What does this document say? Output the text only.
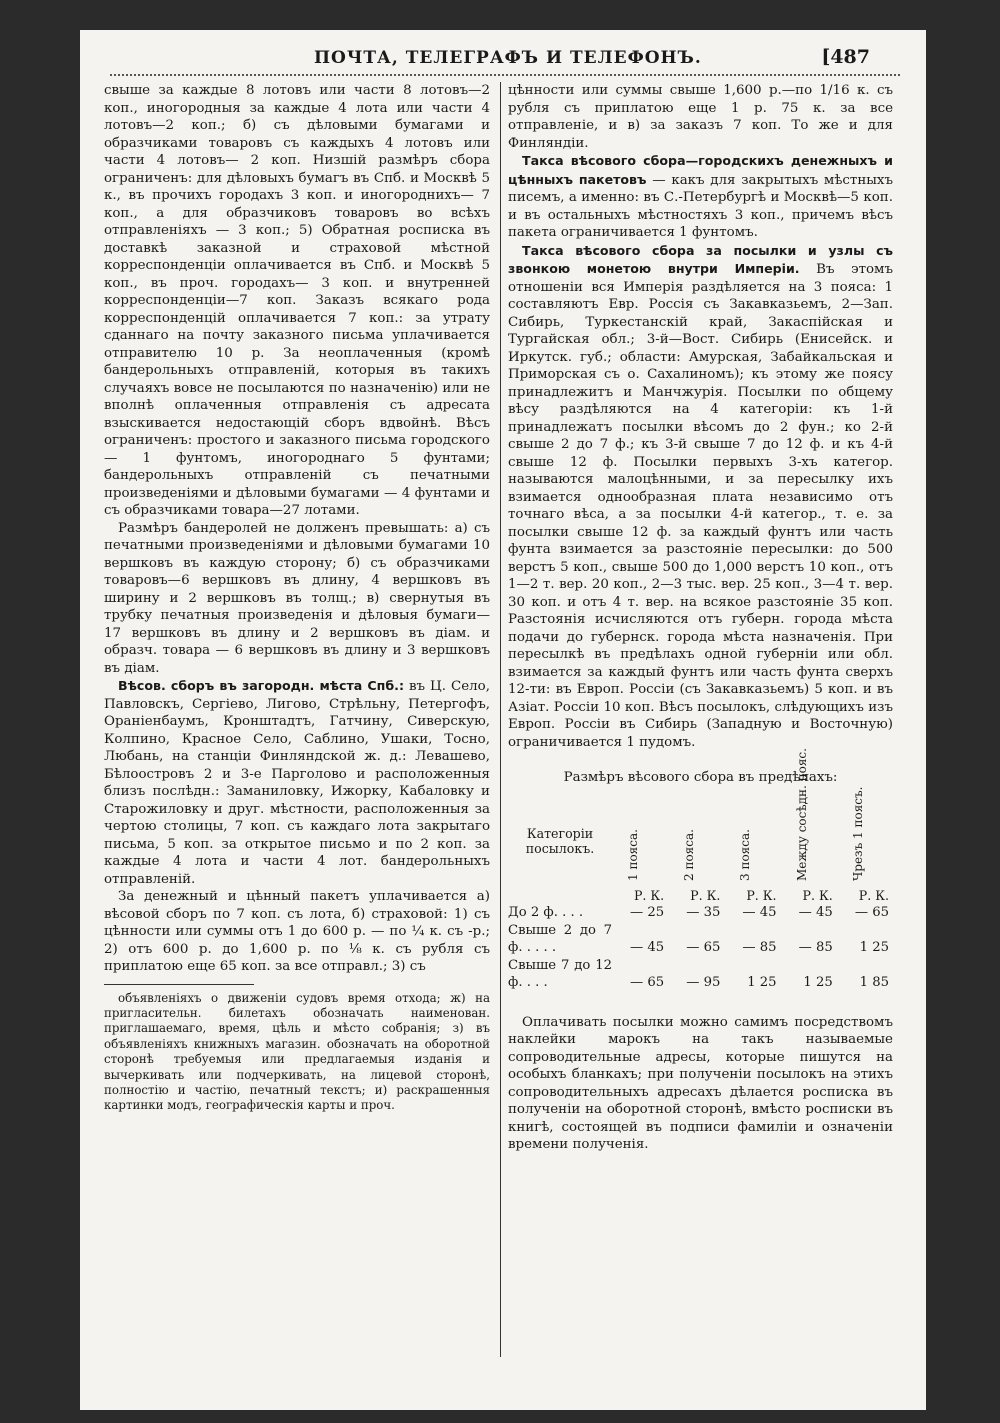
ПОЧТА, ТЕЛЕГРАФЪ И ТЕЛЕФОНЪ.	[487

свыше за каждые 8 лотовъ или части 8 лотовъ—2 коп., иногородныя за каждые 4 лота или части 4 лотовъ—2 коп.; б) съ дѣловыми бумагами и образчиками товаровъ съ каждыхъ 4 лотовъ или части 4 лотовъ— 2 коп. Низшій размѣръ сбора ограниченъ: для дѣловыхъ бумагъ въ Спб. и Москвѣ 5 к., въ прочихъ городахъ 3 коп. и иногороднихъ— 7 коп., а для образчиковъ товаровъ во всѣхъ отправленіяхъ — 3 коп.; 5) Обратная росписка въ доставкѣ заказной и страховой мѣстной корреспонденціи оплачивается въ Спб. и Москвѣ 5 коп., въ проч. городахъ— 3 коп. и внутренней корреспонденціи—7 коп. Заказъ всякаго рода корреспонденцій оплачивается 7 коп.: за утрату сданнаго на почту заказного письма уплачивается отправителю 10 р. За неоплаченныя (кромѣ бандерольныхъ отправленій, которыя въ такихъ случаяхъ вовсе не посылаются по назначенію) или не вполнѣ оплаченныя отправленія съ адресата взыскивается недостающій сборъ вдвойнѣ. Вѣсъ ограниченъ: простого и заказного письма городского — 1 фунтомъ, иногороднаго 5 фунтами; бандерольныхъ отправленій съ печатными произведеніями и дѣловыми бумагами — 4 фунтами и съ образчиками товара—27 лотами.

Размѣръ бандеролей не долженъ превышать: а) съ печатными произведеніями и дѣловыми бумагами 10 вершковъ въ каждую сторону; б) съ образчиками товаровъ—6 вершковъ въ длину, 4 вершковъ въ ширину и 2 вершковъ въ толщ.; в) свернутыя въ трубку печатныя произведенія и дѣловыя бумаги— 17 вершковъ въ длину и 2 вершковъ въ діам. и образч. товара — 6 вершковъ въ длину и 3 вершковъ въ діам.

Вѣсов. сборъ въ загородн. мѣста Спб.: въ Ц. Село, Павловскъ, Сергіево, Лигово, Стрѣльну, Петергофъ, Ораніенбаумъ, Кронштадтъ, Гатчину, Сиверскую, Колпино, Красное Село, Саблино, Ушаки, Тосно, Любань, на станціи Финляндской ж. д.: Левашево, Бѣлоостровъ 2 и 3-е Парголово и расположенныя близъ послѣдн.: Заманиловку, Ижорку, Кабаловку и Старожиловку и друг. мѣстности, расположенныя за чертою столицы, 7 коп. съ каждаго лота закрытаго письма, 5 коп. за открытое письмо и по 2 коп. за каждые 4 лота и части 4 лот. бандерольныхъ отправленій.

За денежный и цѣнный пакетъ уплачивается а) вѣсовой сборъ по 7 коп. съ лота, б) страховой: 1) съ цѣнности или суммы отъ 1 до 600 р. — по ¼ к. съ -р.; 2) отъ 600 р. до 1,600 р. по ⅛ к. съ рубля съ приплатою еще 65 коп. за все отправл.; 3) съ

объявленіяхъ о движеніи судовъ время отхода; ж) на пригласительн. билетахъ обозначать наименован. приглашаемаго, время, цѣль и мѣсто собранія; з) въ объявленіяхъ книжныхъ магазин. обозначать на оборотной сторонѣ требуемыя или предлагаемыя изданія и вычеркивать или подчеркивать, на лицевой сторонѣ, полностію и частію, печатный текстъ; и) раскрашенныя картинки модъ, географическія карты и проч.

цѣнности или суммы свыше 1,600 р.—по 1/16 к. съ рубля съ приплатою еще 1 р. 75 к. за все отправленіе, и в) за заказъ 7 коп. То же и для Финляндіи.

Такса вѣсового сбора—городскихъ денежныхъ и цѣнныхъ пакетовъ — какъ для закрытыхъ мѣстныхъ писемъ, а именно: въ С.-Петербургѣ и Москвѣ—5 коп. и въ остальныхъ мѣстностяхъ 3 коп., причемъ вѣсъ пакета ограничивается 1 фунтомъ.

Такса вѣсового сбора за посылки и узлы съ звонкою монетою внутри Имперіи. Въ этомъ отношеніи вся Имперія раздѣляется на 3 пояса: 1 составляютъ Евр. Россія съ Закавказьемъ, 2—Зап. Сибирь, Туркестанскій край, Закаспійская и Тургайская обл.; 3-й—Вост. Сибирь (Енисейск. и Иркутск. губ.; области: Амурская, Забайкальская и Приморская съ о. Сахалиномъ); къ этому же поясу принадлежитъ и Манчжурія. Посылки по общему вѣсу раздѣляются на 4 категоріи: къ 1-й принадлежатъ посылки вѣсомъ до 2 фун.; ко 2-й свыше 2 до 7 ф.; къ 3-й свыше 7 до 12 ф. и къ 4-й свыше 12 ф. Посылки первыхъ 3-хъ категор. называются малоцѣнными, и за пересылку ихъ взимается однообразная плата независимо отъ точнаго вѣса, а за посылки 4-й категор., т. е. за посылки свыше 12 ф. за каждый фунтъ или часть фунта взимается за разстояніе пересылки: до 500 верстъ 5 коп., свыше 500 до 1,000 верстъ 10 коп., отъ 1—2 т. вер. 20 коп., 2—3 тыс. вер. 25 коп., 3—4 т. вер. 30 коп. и отъ 4 т. вер. на всякое разстояніе 35 коп. Разстоянія исчисляются отъ губерн. города мѣста подачи до губернск. города мѣста назначенія. При пересылкѣ въ предѣлахъ одной губерніи или обл. взимается за каждый фунтъ или часть фунта сверхъ 12-ти: въ Европ. Россіи (съ Закавказьемъ) 5 коп. и въ Азіат. Россіи 10 коп. Вѣсъ посылокъ, слѣдующихъ изъ Европ. Россіи въ Сибирь (Западную и Восточную) ограничивается 1 пудомъ.

Размѣръ вѣсового сбора въ предѣлахъ:
Категоріи посылокъ.	1 пояса.	2 пояса.	3 пояса.	Между сосѣдн. пояс.	Чрезъ 1 поясъ.

	Р. К.	Р. К.	Р. К.	Р. К.	Р. К.
До 2 ф. . . .	— 25	— 35	— 45	— 45	— 65
Свыше 2 до 7 ф. . . . .	— 45	— 65	— 85	— 85	1 25
Свыше 7 до 12 ф. . . .	— 65	— 95	1 25	1 25	1 85

Оплачивать посылки можно самимъ посредствомъ наклейки марокъ на такъ называемые сопроводительные адресы, которые пишутся на особыхъ бланкахъ; при полученіи посылокъ на этихъ сопроводительныхъ адресахъ дѣлается росписка въ полученіи на оборотной сторонѣ, вмѣсто росписки въ книгѣ, состоящей въ подписи фамиліи и означеніи времени полученія.
